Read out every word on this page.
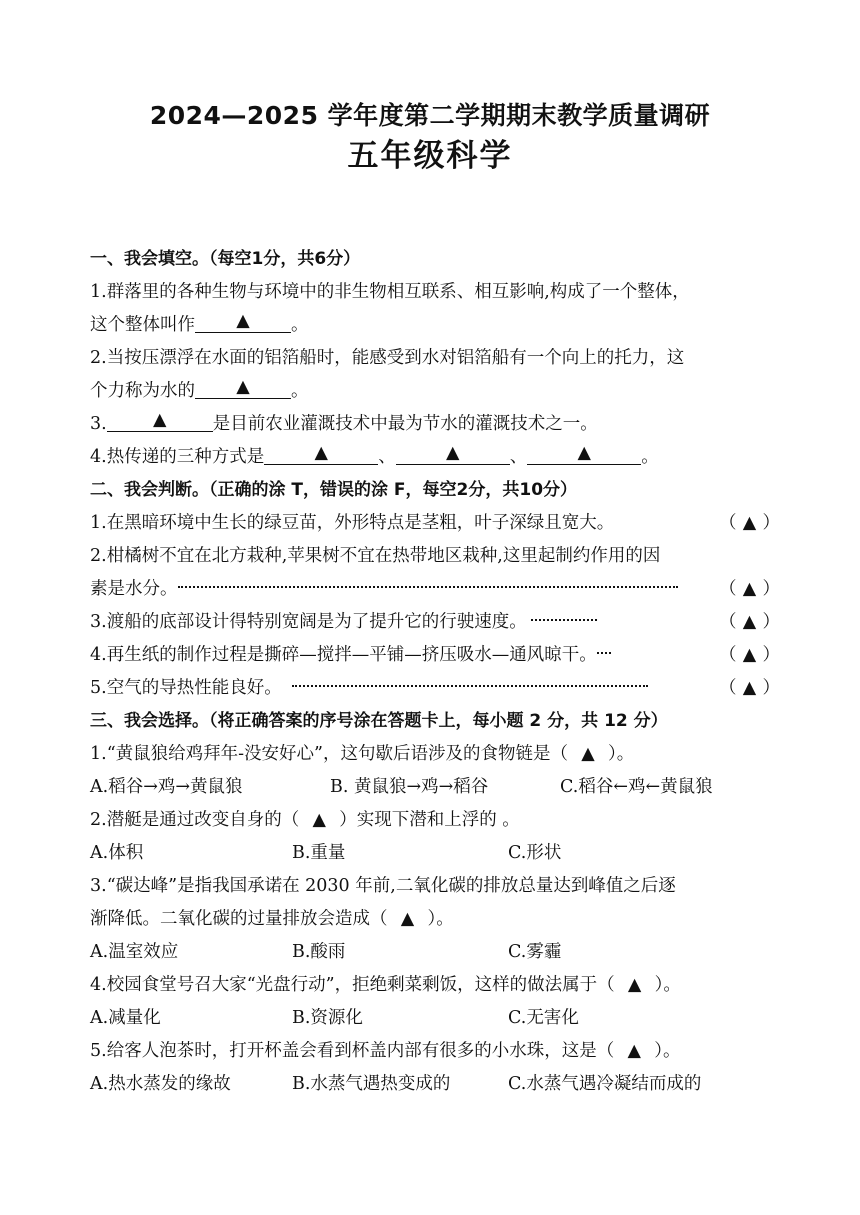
2024—2025 学年度第二学期期末教学质量调研
五年级科学
一、我会填空。（每空1分，共6分）
1.群落里的各种生物与环境中的非生物相互联系、相互影响,构成了一个整体，
这个整体叫作 ▲ 。
2.当按压漂浮在水面的铝箔船时，能感受到水对铝箔船有一个向上的托力，这
个力称为水的 ▲ 。
3.	▲	是目前农业灌溉技术中最为节水的灌溉技术之一。
4.热传递的三种方式是	▲	、	▲	、	▲	。
二、我会判断。（正确的涂 T，错误的涂 F，每空2分，共10分）
1.在黑暗环境中生长的绿豆苗，外形特点是茎粗，叶子深绿且宽大。	（ ▲ ）
2.柑橘树不宜在北方栽种,苹果树不宜在热带地区栽种,这里起制约作用的因
素是水分。	（ ▲ ）
3.渡船的底部设计得特别宽阔是为了提升它的行驶速度。	（ ▲ ）
4.再生纸的制作过程是撕碎—搅拌—平铺—挤压吸水—通风晾干。	（ ▲ ）
5.空气的导热性能良好。	（ ▲ ）
三、我会选择。（将正确答案的序号涂在答题卡上，每小题 2 分，共 12 分）
1.“黄鼠狼给鸡拜年-没安好心”，这句歇后语涉及的食物链是（ ▲ ）。
A.稻谷→鸡→黄鼠狼	B. 黄鼠狼→鸡→稻谷	C.稻谷←鸡←黄鼠狼
2.潜艇是通过改变自身的（ ▲ ）实现下潜和上浮的 。
A.体积	B.重量	C.形状
3.“碳达峰”是指我国承诺在 2030 年前,二氧化碳的排放总量达到峰值之后逐
渐降低。二氧化碳的过量排放会造成（ ▲ ）。
A.温室效应	B.酸雨	C.雾霾
4.校园食堂号召大家“光盘行动”，拒绝剩菜剩饭，这样的做法属于（ ▲ ）。
A.减量化	B.资源化	C.无害化
5.给客人泡茶时，打开杯盖会看到杯盖内部有很多的小水珠，这是（ ▲ ）。
A.热水蒸发的缘故	B.水蒸气遇热变成的	C.水蒸气遇冷凝结而成的
